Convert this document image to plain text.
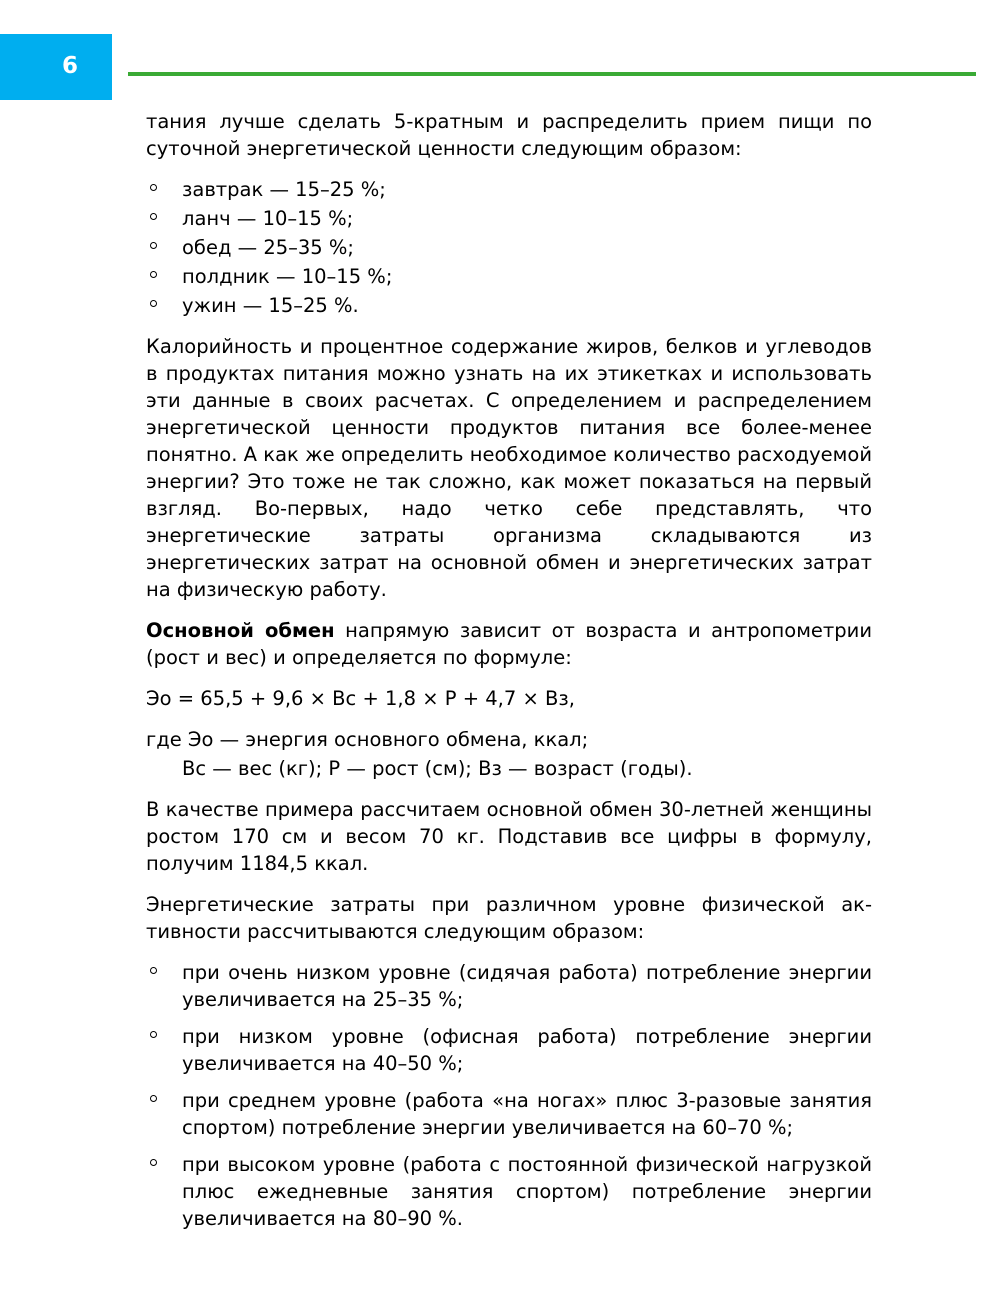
6

тания лучше сделать 5-кратным и распределить прием пищи по суточной энергетической ценности следующим образом:

завтрак — 15–25 %;
ланч — 10–15 %;
обед — 25–35 %;
полдник — 10–15 %;
ужин — 15–25 %.

Калорийность и процентное содержание жиров, белков и углеводов в продуктах питания можно узнать на их этикетках и использовать эти данные в своих расчетах. С определением и распределением энергетической ценности продуктов питания все более-менее понятно. А как же определить необходимое количество расходуемой энергии? Это тоже не так сложно, как может показаться на первый взгляд. Во-первых, надо четко себе представлять, что энергетические затраты организма складываются из энергетических затрат на основной обмен и энергетических затрат на физическую работу.

Основной обмен напрямую зависит от возраста и антропометрии (рост и вес) и определяется по формуле:

Эо = 65,5 + 9,6 × Вс + 1,8 × Р + 4,7 × Вз,

где Эо — энергия основного обмена, ккал;

Вс — вес (кг); Р — рост (см); Вз — возраст (годы).

В качестве примера рассчитаем основной обмен 30-летней женщины ростом 170 см и весом 70 кг. Подставив все цифры в формулу, получим 1184,5 ккал.

Энергетические затраты при различном уровне физической активности рассчитываются следующим образом:

при очень низком уровне (сидячая работа) потребление энергии увеличивается на 25–35 %;
при низком уровне (офисная работа) потребление энергии увеличивается на 40–50 %;
при среднем уровне (работа «на ногах» плюс 3-разовые занятия спортом) потребление энергии увеличивается на 60–70 %;
при высоком уровне (работа с постоянной физической нагрузкой плюс ежедневные занятия спортом) потребление энергии увеличивается на 80–90 %.
